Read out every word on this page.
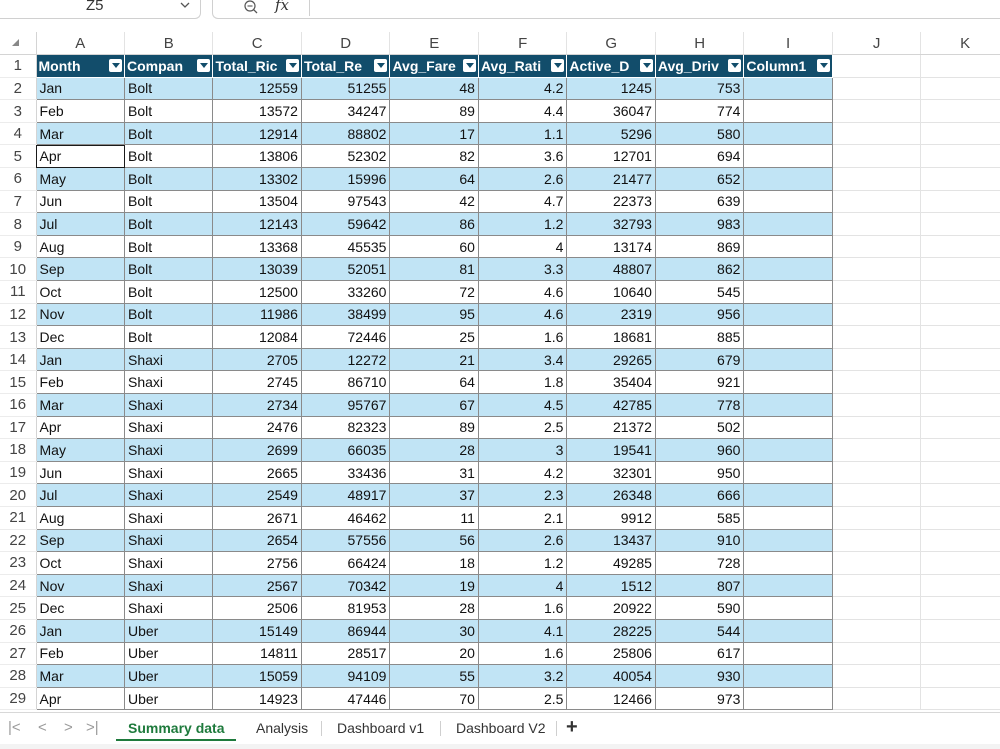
Z5	fx
	A	B	C	D	E	F	G	H	I	J	K
1	Month	Compan	Total_Ric	Total_Re	Avg_Fare	Avg_Rati	Active_D	Avg_Driv	Column1		

2	Jan	Bolt	12559	51255	48	4.2	1245	753			
3	Feb	Bolt	13572	34247	89	4.4	36047	774			
4	Mar	Bolt	12914	88802	17	1.1	5296	580			
5	Apr	Bolt	13806	52302	82	3.6	12701	694			
6	May	Bolt	13302	15996	64	2.6	21477	652			
7	Jun	Bolt	13504	97543	42	4.7	22373	639			
8	Jul	Bolt	12143	59642	86	1.2	32793	983			
9	Aug	Bolt	13368	45535	60	4	13174	869			
10	Sep	Bolt	13039	52051	81	3.3	48807	862			
11	Oct	Bolt	12500	33260	72	4.6	10640	545			
12	Nov	Bolt	11986	38499	95	4.6	2319	956			
13	Dec	Bolt	12084	72446	25	1.6	18681	885			
14	Jan	Shaxi	2705	12272	21	3.4	29265	679			
15	Feb	Shaxi	2745	86710	64	1.8	35404	921			
16	Mar	Shaxi	2734	95767	67	4.5	42785	778			
17	Apr	Shaxi	2476	82323	89	2.5	21372	502			
18	May	Shaxi	2699	66035	28	3	19541	960			
19	Jun	Shaxi	2665	33436	31	4.2	32301	950			
20	Jul	Shaxi	2549	48917	37	2.3	26348	666			
21	Aug	Shaxi	2671	46462	11	2.1	9912	585			
22	Sep	Shaxi	2654	57556	56	2.6	13437	910			
23	Oct	Shaxi	2756	66424	18	1.2	49285	728			
24	Nov	Shaxi	2567	70342	19	4	1512	807			
25	Dec	Shaxi	2506	81953	28	1.6	20922	590			
26	Jan	Uber	15149	86944	30	4.1	28225	544			
27	Feb	Uber	14811	28517	20	1.6	25806	617			
28	Mar	Uber	15059	94109	55	3.2	40054	930			
29	Apr	Uber	14923	47446	70	2.5	12466	973			
|< < > >|	Summary data	Analysis Dashboard v1 Dashboard V2 +
